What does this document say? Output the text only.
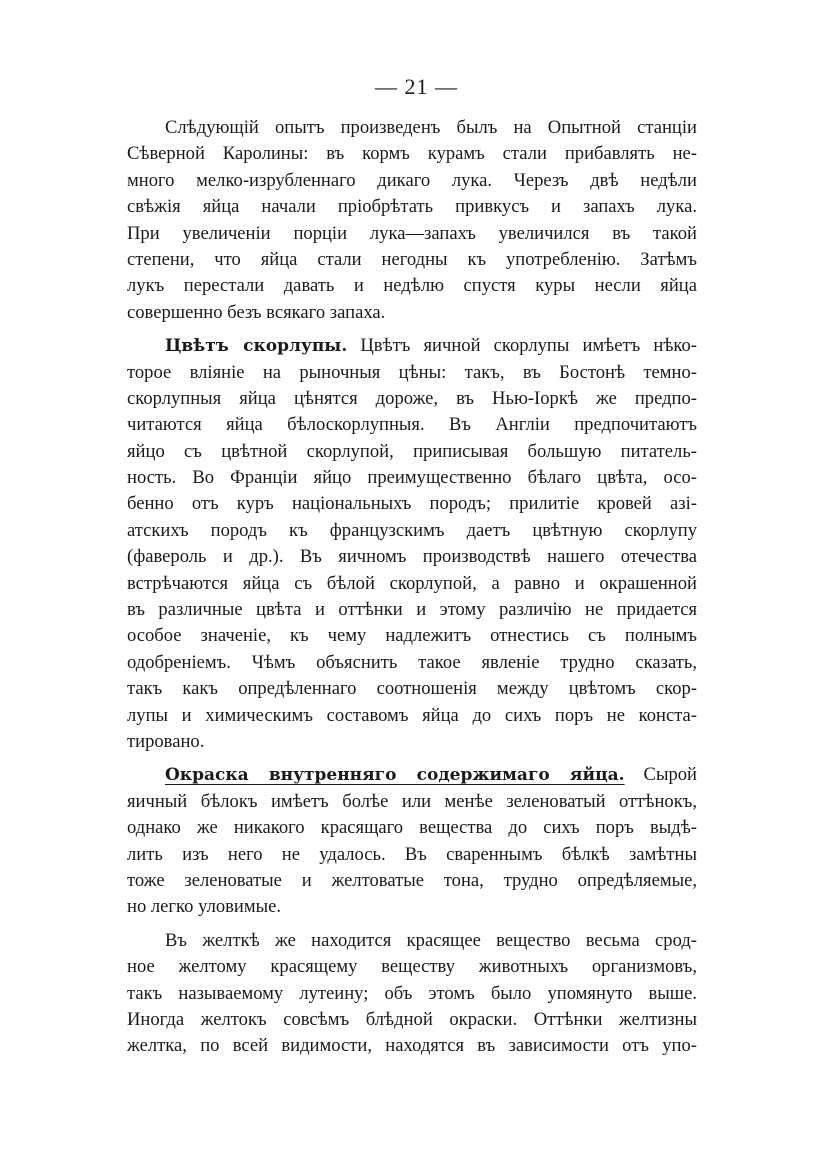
— 21 —
Слѣдующій опытъ произведенъ былъ на Опытной станціи
Сѣверной Каролины: въ кормъ курамъ стали прибавлять не-
много мелко-изрубленнаго дикаго лука. Черезъ двѣ недѣли
свѣжія яйца начали пріобрѣтать привкусъ и запахъ лука.
При увеличеніи порціи лука—запахъ увеличился въ такой
степени, что яйца стали негодны къ употребленію. Затѣмъ
лукъ перестали давать и недѣлю спустя куры несли яйца
совершенно безъ всякаго запаха.
Цвѣтъ скорлупы. Цвѣтъ яичной скорлупы имѣетъ нѣко-
торое вліяніе на рыночныя цѣны: такъ, въ Бостонѣ темно-
скорлупныя яйца цѣнятся дороже, въ Нью-Іоркѣ же предпо-
читаются яйца бѣлоскорлупныя. Въ Англіи предпочитаютъ
яйцо съ цвѣтной скорлупой, приписывая большую питатель-
ность. Во Франціи яйцо преимущественно бѣлаго цвѣта, осо-
бенно отъ куръ національныхъ породъ; прилитіе кровей азі-
атскихъ породъ къ французскимъ даетъ цвѣтную скорлупу
(фавероль и др.). Въ яичномъ производствѣ нашего отечества
встрѣчаются яйца съ бѣлой скорлупой, а равно и окрашенной
въ различные цвѣта и оттѣнки и этому различію не придается
особое значеніе, къ чему надлежитъ отнестись съ полнымъ
одобреніемъ. Чѣмъ объяснить такое явленіе трудно сказать,
такъ какъ опредѣленнаго соотношенія между цвѣтомъ скор-
лупы и химическимъ составомъ яйца до сихъ поръ не конста-
тировано.
Окраска внутренняго содержимаго яйца. Сырой
яичный бѣлокъ имѣетъ болѣе или менѣе зеленоватый оттѣнокъ,
однако же никакого красящаго вещества до сихъ поръ выдѣ-
лить изъ него не удалось. Въ свареннымъ бѣлкѣ замѣтны
тоже зеленоватые и желтоватые тона, трудно опредѣляемые,
но легко уловимые.
Въ желткѣ же находится красящее вещество весьма срод-
ное желтому красящему веществу животныхъ организмовъ,
такъ называемому лутеину; объ этомъ было упомянуто выше.
Иногда желтокъ совсѣмъ блѣдной окраски. Оттѣнки желтизны
желтка, по всей видимости, находятся въ зависимости отъ упо-
